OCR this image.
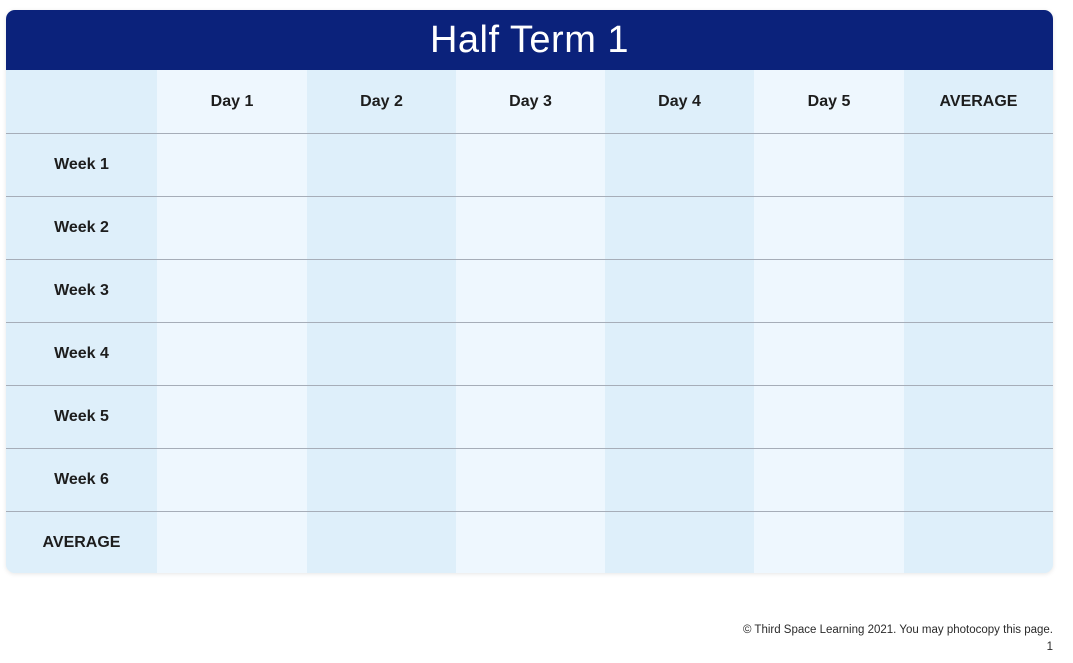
Half Term 1
	Day 1	Day 2	Day 3	Day 4	Day 5	AVERAGE
Week 1						
Week 2						
Week 3						
Week 4						
Week 5						
Week 6						
AVERAGE						
© Third Space Learning 2021. You may photocopy this page.
1
